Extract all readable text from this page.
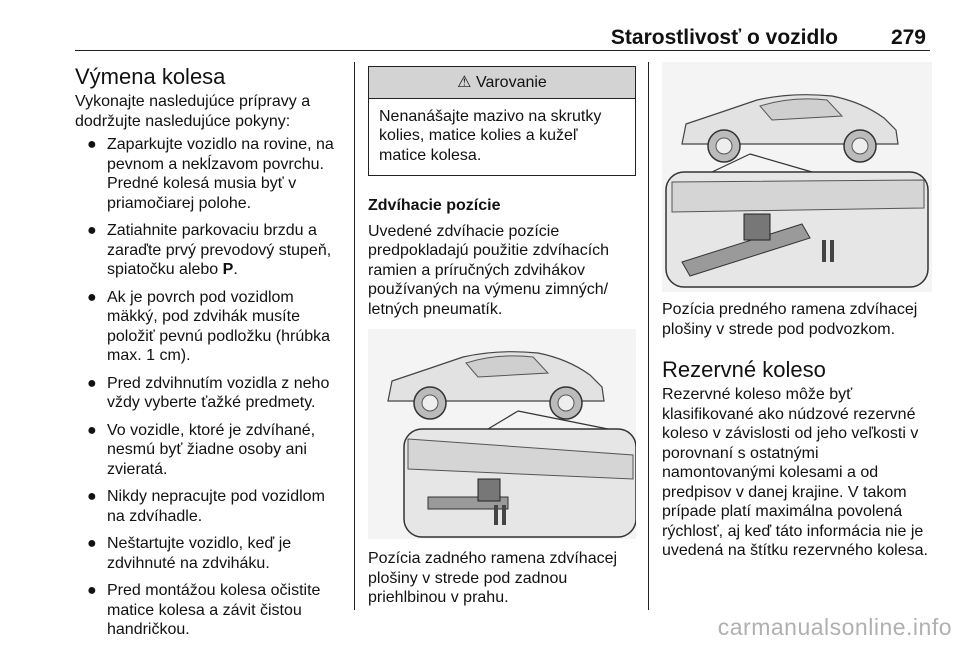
Starostlivosť o vozidlo	279
Výmena kolesa

Vykonajte nasledujúce prípravy a dodržujte nasledujúce pokyny:

● Zaparkujte vozidlo na rovine, na pevnom a nekĺzavom povrchu. Predné kolesá musia byť v priamočiarej polohe.
● Zatiahnite parkovaciu brzdu a zaraďte prvý prevodový stupeň, spiatočku alebo P.
● Ak je povrch pod vozidlom mäkký, pod zdvihák musíte položiť pevnú podložku (hrúbka max. 1 cm).
● Pred zdvihnutím vozidla z neho vždy vyberte ťažké predmety.
● Vo vozidle, ktoré je zdvíhané, nesmú byť žiadne osoby ani zvieratá.
● Nikdy nepracujte pod vozidlom na zdvíhadle.
● Neštartujte vozidlo, keď je zdvihnuté na zdviháku.
● Pred montážou kolesa očistite matice kolesa a závit čistou handričkou.
⚠ Varovanie
Nenanášajte mazivo na skrutky kolies, matice kolies a kužeľ matice kolesa.
Zdvíhacie pozície

Uvedené zdvíhacie pozície predpokladajú použitie zdvíhacích ramien a príručných zdvihákov používaných na výmenu zimných/ letných pneumatík.

Pozícia zadného ramena zdvíhacej plošiny v strede pod zadnou priehlbinou v prahu.

Pozícia predného ramena zdvíhacej plošiny v strede pod podvozkom.

Rezervné koleso

Rezervné koleso môže byť klasifikované ako núdzové rezervné koleso v závislosti od jeho veľkosti v porovnaní s ostatnými namontovanými kolesami a od predpisov v danej krajine. V takom prípade platí maximálna povolená rýchlosť, aj keď táto informácia nie je uvedená na štítku rezervného kolesa.

carmanualsonline.info
